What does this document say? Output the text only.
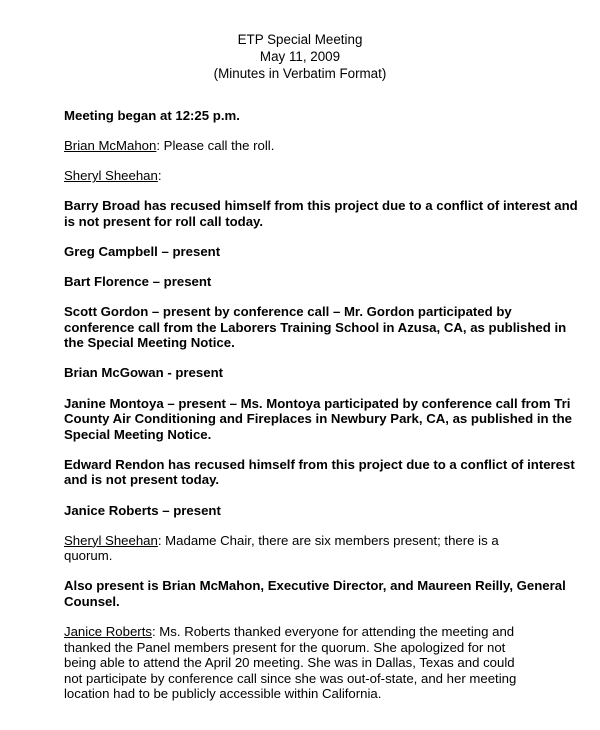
ETP Special Meeting
May 11, 2009
(Minutes in Verbatim Format)

Meeting began at 12:25 p.m.

Brian McMahon: Please call the roll.

Sheryl Sheehan:

Barry Broad has recused himself from this project due to a conflict of interest and
is not present for roll call today.

Greg Campbell – present

Bart Florence – present

Scott Gordon – present by conference call – Mr. Gordon participated by
conference call from the Laborers Training School in Azusa, CA, as published in
the Special Meeting Notice.

Brian McGowan - present

Janine Montoya – present – Ms. Montoya participated by conference call from Tri
County Air Conditioning and Fireplaces in Newbury Park, CA, as published in the
Special Meeting Notice.

Edward Rendon has recused himself from this project due to a conflict of interest
and is not present today.

Janice Roberts – present

Sheryl Sheehan: Madame Chair, there are six members present; there is a
quorum.

Also present is Brian McMahon, Executive Director, and Maureen Reilly, General
Counsel.

Janice Roberts: Ms. Roberts thanked everyone for attending the meeting and
thanked the Panel members present for the quorum. She apologized for not
being able to attend the April 20 meeting. She was in Dallas, Texas and could
not participate by conference call since she was out-of-state, and her meeting
location had to be publicly accessible within California.
